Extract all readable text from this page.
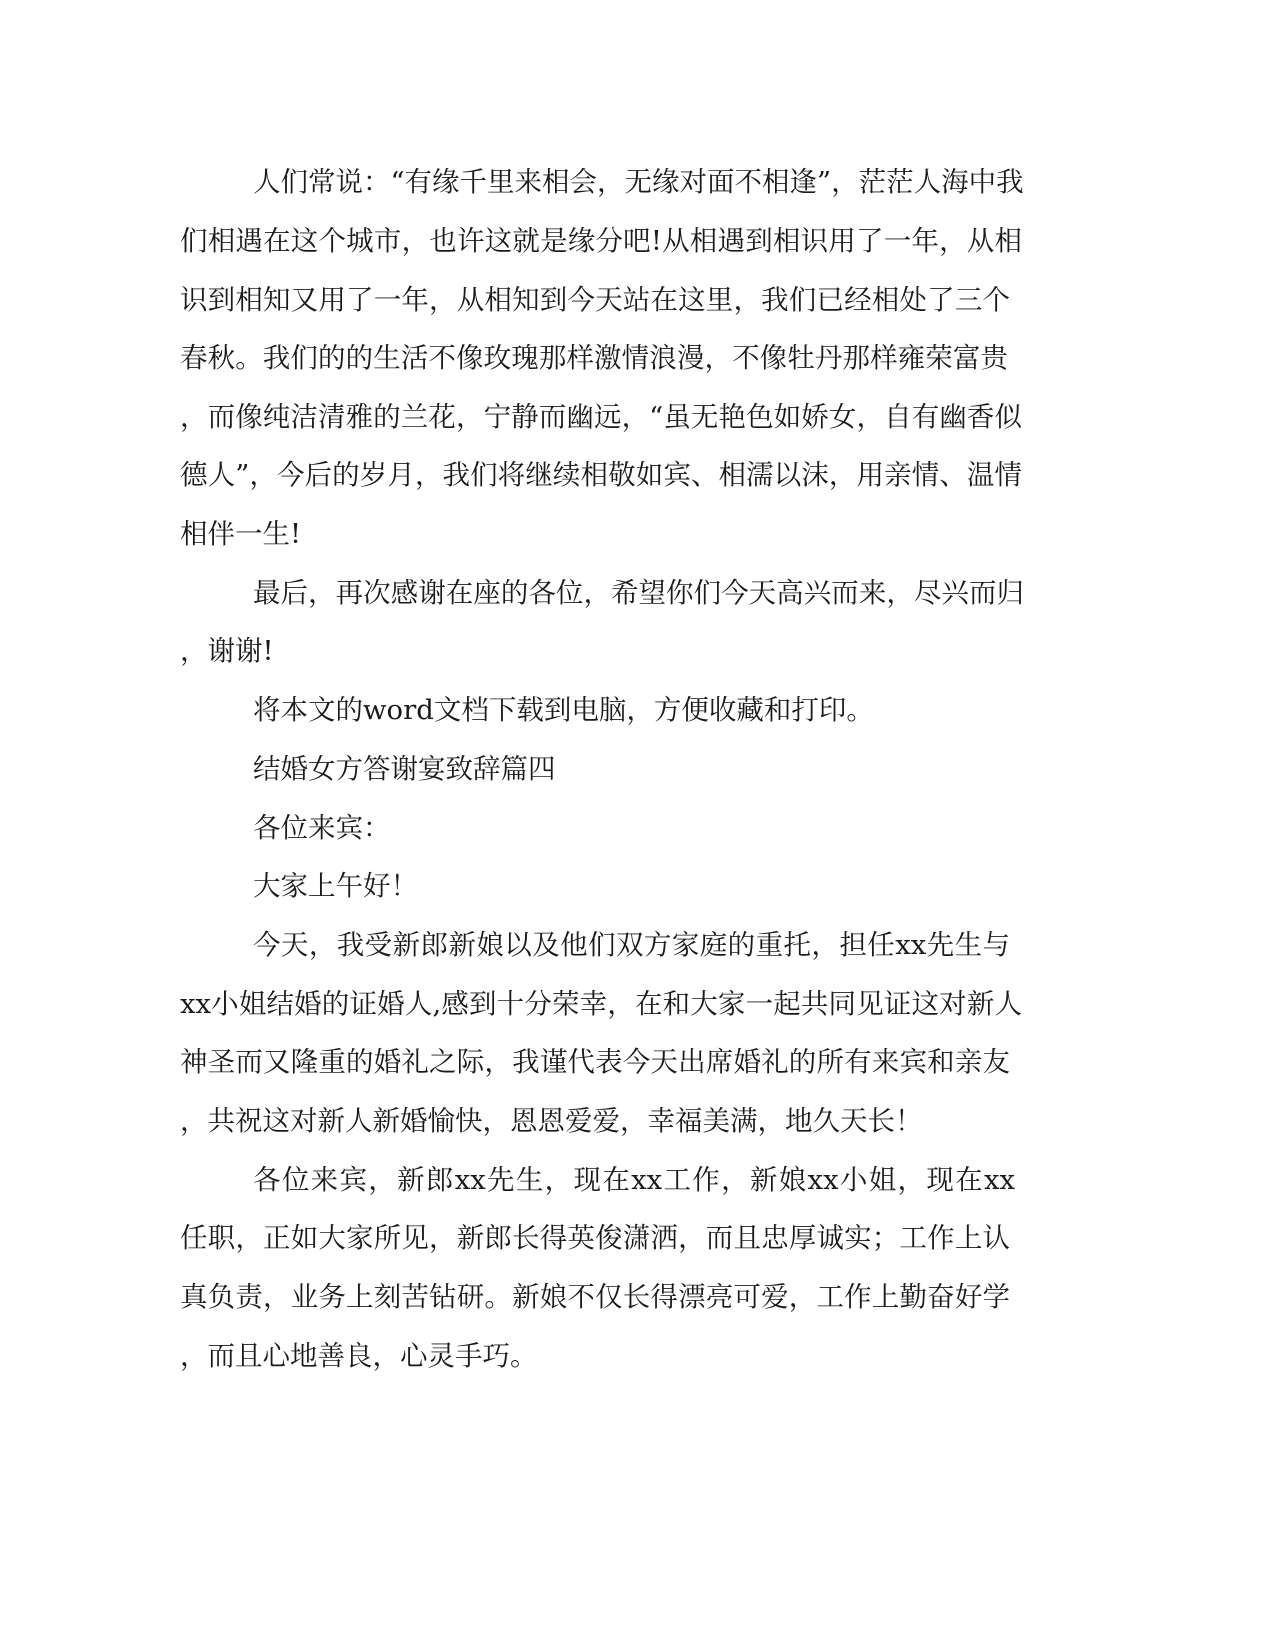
人们常说：“有缘千里来相会，无缘对面不相逢”，茫茫人海中我
们相遇在这个城市，也许这就是缘分吧!从相遇到相识用了一年，从相
识到相知又用了一年，从相知到今天站在这里，我们已经相处了三个
春秋。我们的的生活不像玫瑰那样激情浪漫，不像牡丹那样雍荣富贵
，而像纯洁清雅的兰花，宁静而幽远，“虽无艳色如娇女，自有幽香似
德人”，今后的岁月，我们将继续相敬如宾、相濡以沫，用亲情、温情
相伴一生!
最后，再次感谢在座的各位，希望你们今天高兴而来，尽兴而归
，谢谢!
将本文的word文档下载到电脑，方便收藏和打印。
结婚女方答谢宴致辞篇四
各位来宾：
大家上午好！
今天，我受新郎新娘以及他们双方家庭的重托，担任xx先生与
xx小姐结婚的证婚人,感到十分荣幸，在和大家一起共同见证这对新人
神圣而又隆重的婚礼之际，我谨代表今天出席婚礼的所有来宾和亲友
，共祝这对新人新婚愉快，恩恩爱爱，幸福美满，地久天长！
各位来宾，新郎xx先生，现在xx工作，新娘xx小姐，现在xx
任职，正如大家所见，新郎长得英俊潇洒，而且忠厚诚实；工作上认
真负责，业务上刻苦钻研。新娘不仅长得漂亮可爱，工作上勤奋好学
，而且心地善良，心灵手巧。
